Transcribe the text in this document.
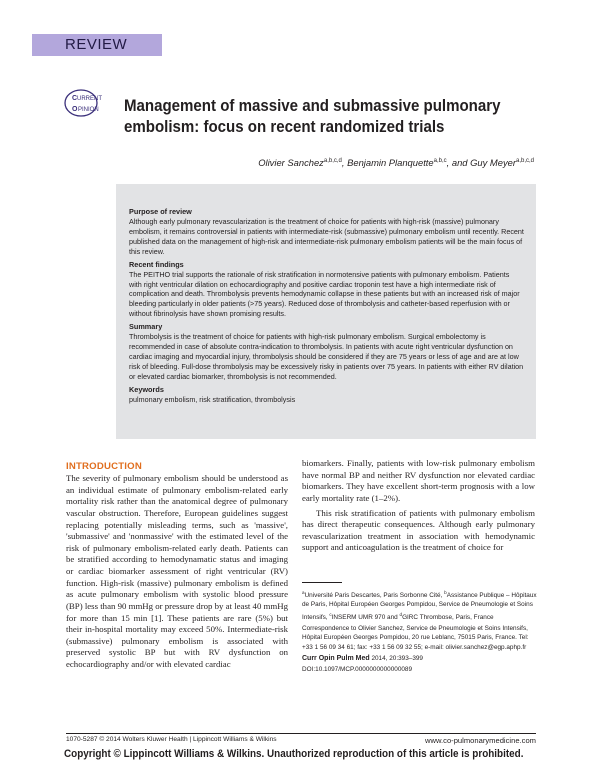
REVIEW
C URRENT
O PINION Management of massive and submassive pulmonary embolism: focus on recent randomized trials
Olivier Sanchez$^{a,b,c,d}$, Benjamin Planquette$^{a,b,c}$, and Guy Meyer$^{a,b,c,d}$
Purpose of review

Although early pulmonary revascularization is the treatment of choice for patients with high-risk (massive) pulmonary embolism, it remains controversial in patients with intermediate-risk (submassive) pulmonary embolism until recently. Recent published data on the management of high-risk and intermediate-risk pulmonary embolism patients will be the main focus of this review.

Recent findings

The PEITHO trial supports the rationale of risk stratification in normotensive patients with pulmonary embolism. Patients with right ventricular dilation on echocardiography and positive cardiac troponin test have a high intermediate risk of complication and death. Thrombolysis prevents hemodynamic collapse in these patients but with an increased risk of major bleeding particularly in older patients (>75 years). Reduced dose of thrombolysis and catheter-based reperfusion with or without fibrinolysis have shown promising results.

Summary

Thrombolysis is the treatment of choice for patients with high-risk pulmonary embolism. Surgical embolectomy is recommended in case of absolute contra-indication to thrombolysis. In patients with acute right ventricular dysfunction on cardiac imaging and myocardial injury, thrombolysis should be considered if they are 75 years or less of age and are at low risk of bleeding. Full-dose thrombolysis may be excessively risky in patients over 75 years. In patients with either RV dilation or elevated cardiac biomarker, thrombolysis is not recommended.

Keywords

pulmonary embolism, risk stratification, thrombolysis

INTRODUCTION
The severity of pulmonary embolism should be understood as an individual estimate of pulmonary embolism-related early mortality risk rather than the anatomical degree of pulmonary vascular obstruction. Therefore, European guidelines suggest replacing potentially misleading terms, such as 'massive', 'submassive' and 'nonmassive' with the estimated level of the risk of pulmonary embolism-related early death. Patients can be stratified according to hemodynamatic status and imaging or cardiac biomarker assessment of right ventricular (RV) function. High-risk (massive) pulmonary embolism is defined as acute pulmonary embolism with systolic blood pressure (BP) less than 90 mmHg or pressure drop by at least 40 mmHg for more than 15 min [1]. These patients are rare (5%) but their in-hospital mortality may exceed 50%. Intermediate-risk (submassive) pulmonary embolism is associated with preserved systolic BP but with RV dysfunction on echocardiography and/or with elevated cardiac

biomarkers. Finally, patients with low-risk pulmonary embolism have normal BP and neither RV dysfunction nor elevated cardiac biomarkers. They have excellent short-term prognosis with a low early mortality rate (1–2%).

This risk stratification of patients with pulmonary embolism has direct therapeutic consequences. Although early pulmonary revascularization treatment in association with hemodynamic support and anticoagulation is the treatment of choice for

$^a$Université Paris Descartes, Paris Sorbonne Cité, $^b$Assistance Publique – Hôpitaux de Paris, Hôpital Européen Georges Pompidou, Service de Pneumologie et Soins Intensifs, $^c$INSERM UMR 970 and $^d$GIRC Thrombose, Paris, France
Correspondence to Olivier Sanchez, Service de Pneumologie et Soins Intensifs, Hôpital Européen Georges Pompidou, 20 rue Leblanc, 75015 Paris, France. Tel: +33 1 56 09 34 61; fax: +33 1 56 09 32 55; e-mail: olivier.sanchez@egp.aphp.fr
Curr Opin Pulm Med 2014, 20:393–399
DOI:10.1097/MCP.0000000000000089
1070-5287 © 2014 Wolters Kluwer Health | Lippincott Williams & Wilkins	www.co-pulmonarymedicine.com
Copyright © Lippincott Williams & Wilkins. Unauthorized reproduction of this article is prohibited.
